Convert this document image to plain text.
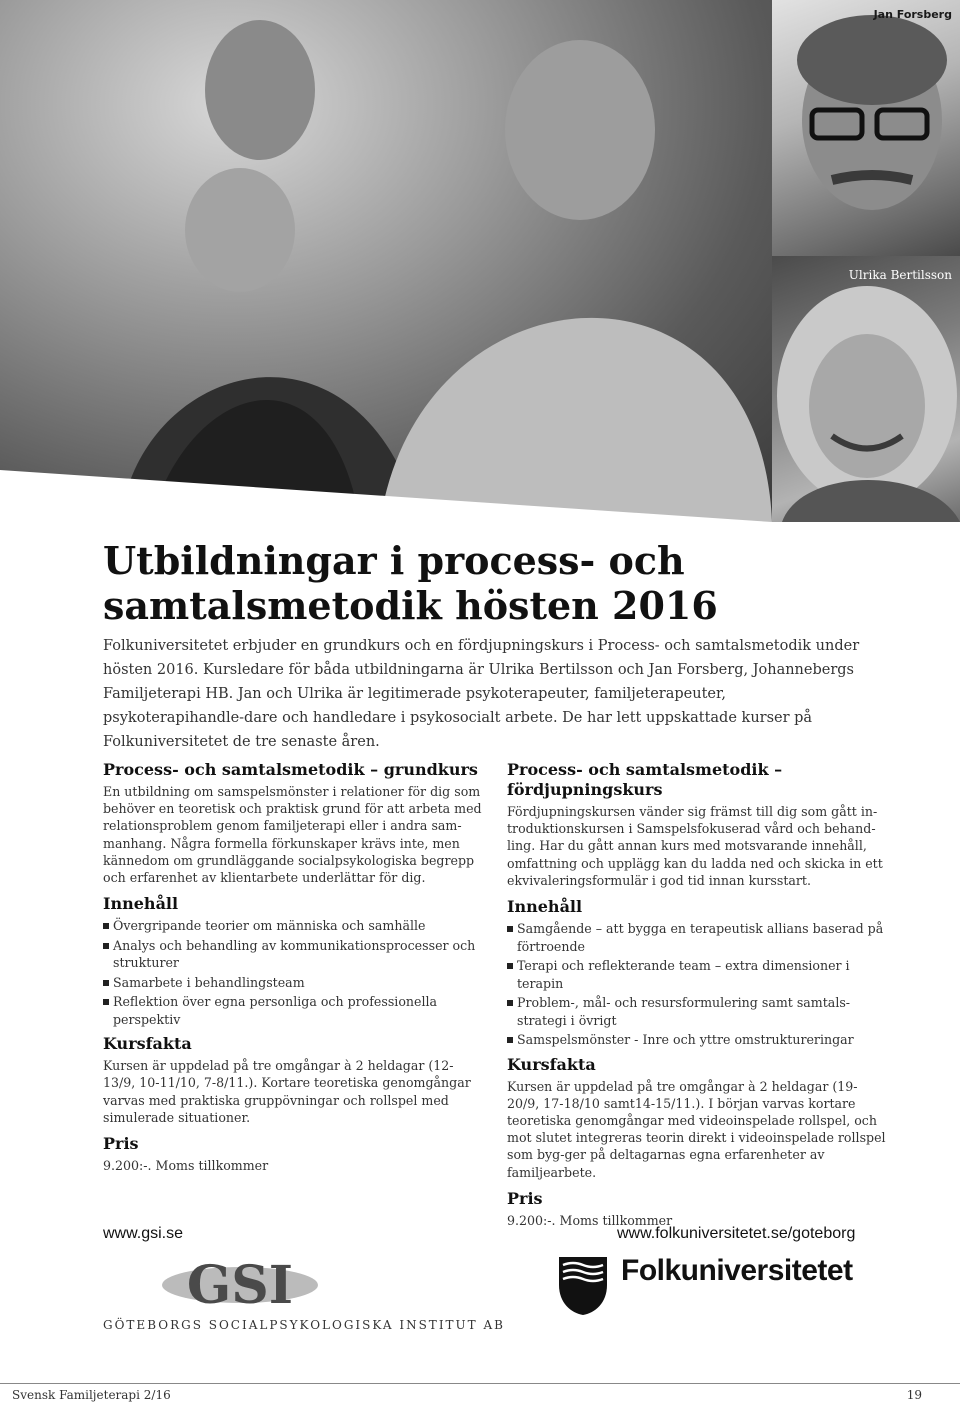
Jan Forsberg
Ulrika Bertilsson
Utbildningar i process- och
samtalsmetodik hösten 2016

Folkuniversitetet erbjuder en grundkurs och en fördjupningskurs i Process- och samtalsmetodik under hösten 2016. Kursledare för båda utbildningarna är Ulrika Bertilsson och Jan Forsberg, Johannebergs Familjeterapi HB. Jan och Ulrika är legitimerade psykoterapeuter, familjeterapeuter, psykoterapihandle-dare och handledare i psykosocialt arbete. De har lett uppskattade kurser på Folkuniversitetet de tre senaste åren.

Process- och samtalsmetodik – grundkurs

En utbildning om samspelsmönster i relationer för dig som behöver en teoretisk och praktisk grund för att arbeta med relationsproblem genom familjeterapi eller i andra sam-manhang. Några formella förkunskaper krävs inte, men kännedom om grundläggande socialpsykologiska begrepp och erfarenhet av klientarbete underlättar för dig.

Innehåll
Övergripande teorier om människa och samhälle
Analys och behandling av kommunikationsprocesser och strukturer
Samarbete i behandlingsteam
Reflektion över egna personliga och professionella perspektiv
Kursfakta

Kursen är uppdelad på tre omgångar à 2 heldagar (12-13/9, 10-11/10, 7-8/11.). Kortare teoretiska genomgångar varvas med praktiska gruppövningar och rollspel med simulerade situationer.

Pris

9.200:-. Moms tillkommer

Process- och samtalsmetodik – fördjupningskurs

Fördjupningskursen vänder sig främst till dig som gått in-troduktionskursen i Samspelsfokuserad vård och behand-ling. Har du gått annan kurs med motsvarande innehåll, omfattning och upplägg kan du ladda ned och skicka in ett ekvivaleringsformulär i god tid innan kursstart.

Innehåll
Samgående – att bygga en terapeutisk allians baserad på förtroende
Terapi och reflekterande team – extra dimensioner i terapin
Problem-, mål- och resursformulering samt samtals-strategi i övrigt
Samspelsmönster - Inre och yttre omstruktureringar
Kursfakta

Kursen är uppdelad på tre omgångar à 2 heldagar (19-20/9, 17-18/10 samt14-15/11.). I början varvas kortare teoretiska genomgångar med videoinspelade rollspel, och mot slutet integreras teorin direkt i videoinspelade rollspel som byg-ger på deltagarnas egna erfarenheter av familjearbete.

Pris

9.200:-. Moms tillkommer

www.gsi.se
GSI
GÖTEBORGS SOCIALPSYKOLOGISKA INSTITUT AB
www.folkuniversitetet.se/goteborg
Folkuniversitetet
Svensk Familjeterapi 2/16	19
